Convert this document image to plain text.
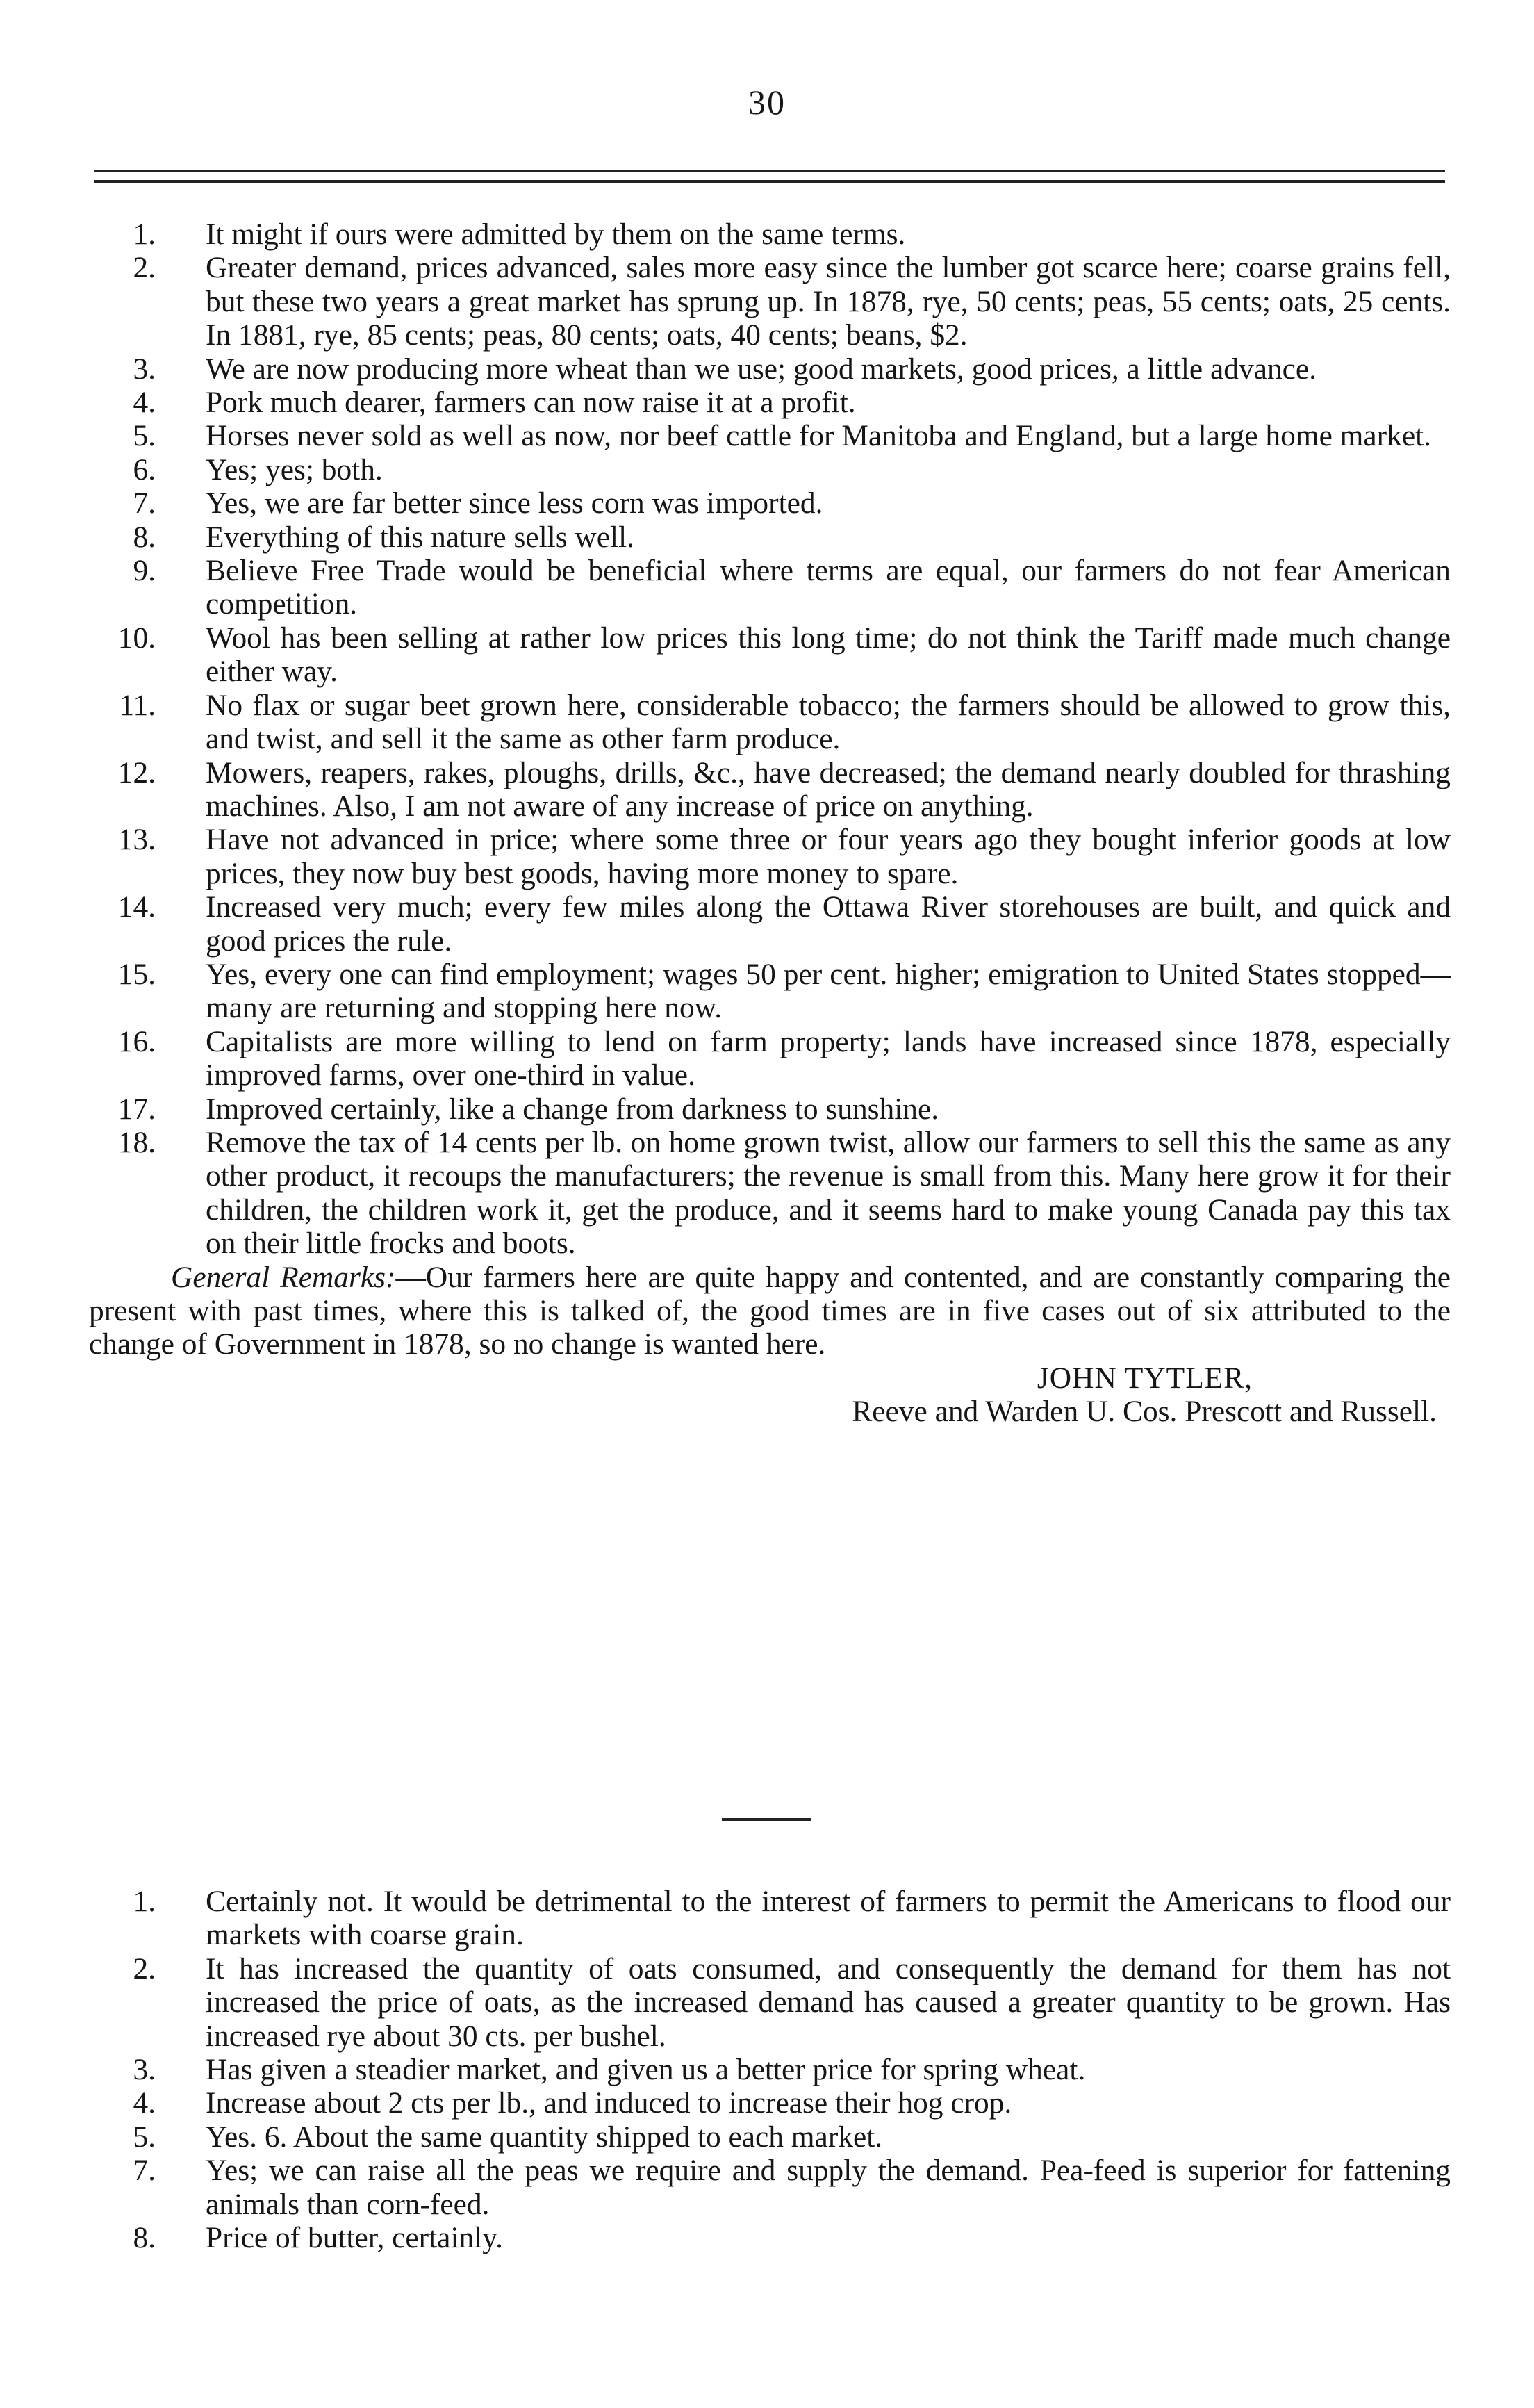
30
1. It might if ours were admitted by them on the same terms.
2. Greater demand, prices advanced, sales more easy since the lumber got scarce here; coarse grains fell, but these two years a great market has sprung up. In 1878, rye, 50 cents; peas, 55 cents; oats, 25 cents. In 1881, rye, 85 cents; peas, 80 cents; oats, 40 cents; beans, $2.
3. We are now producing more wheat than we use; good markets, good prices, a little advance.
4. Pork much dearer, farmers can now raise it at a profit.
5. Horses never sold as well as now, nor beef cattle for Manitoba and England, but a large home market.
6. Yes; yes; both.
7. Yes, we are far better since less corn was imported.
8. Everything of this nature sells well.
9. Believe Free Trade would be beneficial where terms are equal, our farmers do not fear American competition.
10. Wool has been selling at rather low prices this long time; do not think the Tariff made much change either way.
11. No flax or sugar beet grown here, considerable tobacco; the farmers should be allowed to grow this, and twist, and sell it the same as other farm produce.
12. Mowers, reapers, rakes, ploughs, drills, &c., have decreased; the demand nearly doubled for thrashing machines. Also, I am not aware of any increase of price on anything.
13. Have not advanced in price; where some three or four years ago they bought inferior goods at low prices, they now buy best goods, having more money to spare.
14. Increased very much; every few miles along the Ottawa River storehouses are built, and quick and good prices the rule.
15. Yes, every one can find employment; wages 50 per cent. higher; emigration to United States stopped—many are returning and stopping here now.
16. Capitalists are more willing to lend on farm property; lands have increased since 1878, especially improved farms, over one-third in value.
17. Improved certainly, like a change from darkness to sunshine.
18. Remove the tax of 14 cents per lb. on home grown twist, allow our farmers to sell this the same as any other product, it recoups the manufacturers; the revenue is small from this. Many here grow it for their children, the children work it, get the produce, and it seems hard to make young Canada pay this tax on their little frocks and boots.
General Remarks:—Our farmers here are quite happy and contented, and are constantly comparing the present with past times, where this is talked of, the good times are in five cases out of six attributed to the change of Government in 1878, so no change is wanted here.
JOHN TYTLER,
Reeve and Warden U. Cos. Prescott and Russell.
1. Certainly not. It would be detrimental to the interest of farmers to permit the Americans to flood our markets with coarse grain.
2. It has increased the quantity of oats consumed, and consequently the demand for them has not increased the price of oats, as the increased demand has caused a greater quantity to be grown. Has increased rye about 30 cts. per bushel.
3. Has given a steadier market, and given us a better price for spring wheat.
4. Increase about 2 cts per lb., and induced to increase their hog crop.
5. Yes. 6. About the same quantity shipped to each market.
7. Yes; we can raise all the peas we require and supply the demand. Pea-feed is superior for fattening animals than corn-feed.
8. Price of butter, certainly.
